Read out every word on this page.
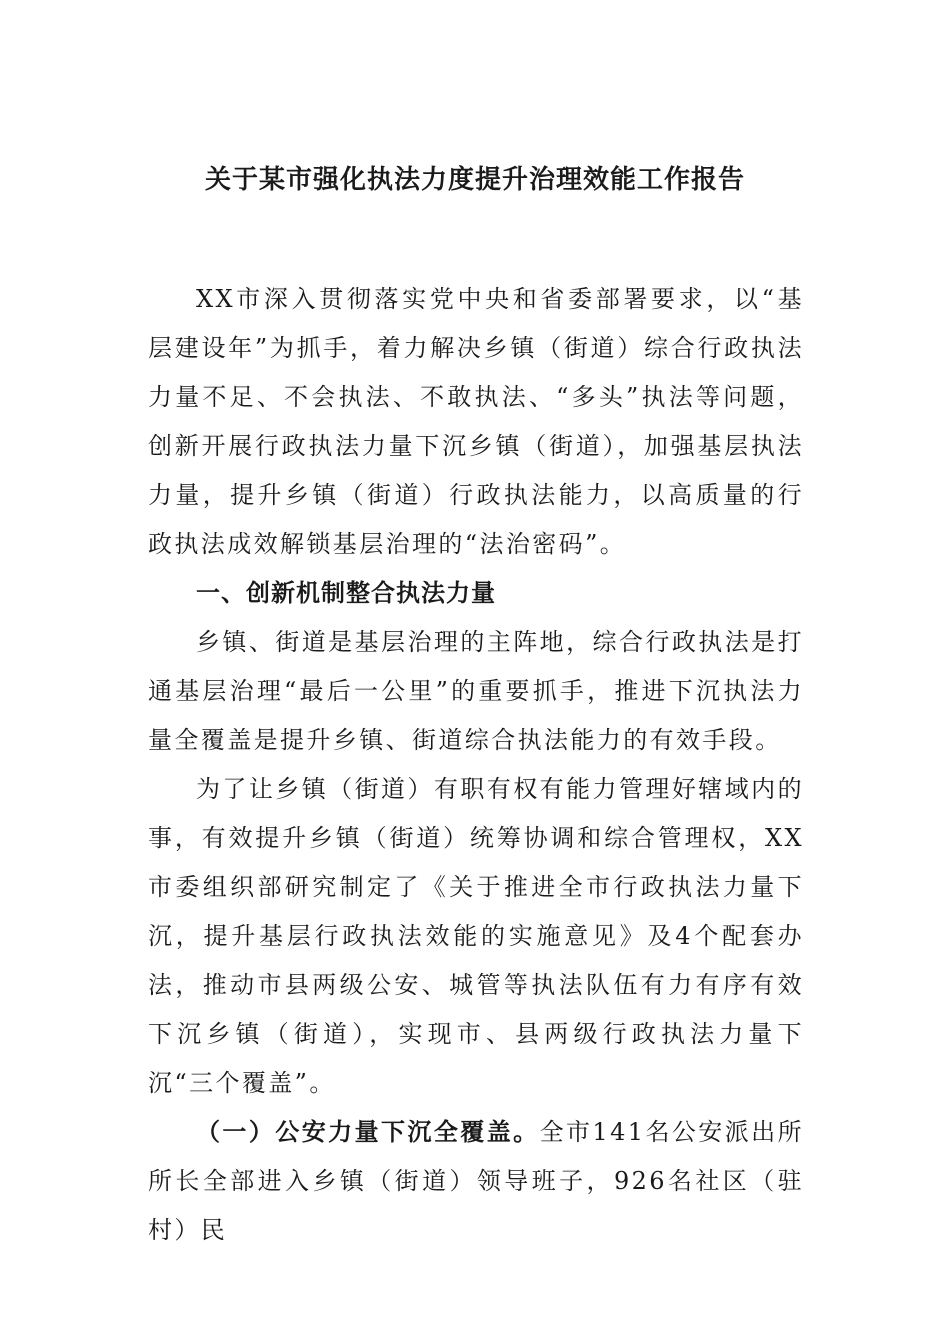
关于某市强化执法力度提升治理效能工作报告

XX市深入贯彻落实党中央和省委部署要求，以“基层建设年”为抓手，着力解决乡镇（街道）综合行政执法力量不足、不会执法、不敢执法、“多头”执法等问题，创新开展行政执法力量下沉乡镇（街道），加强基层执法力量，提升乡镇（街道）行政执法能力，以高质量的行政执法成效解锁基层治理的“法治密码”。

一、创新机制整合执法力量

乡镇、街道是基层治理的主阵地，综合行政执法是打通基层治理“最后一公里”的重要抓手，推进下沉执法力量全覆盖是提升乡镇、街道综合执法能力的有效手段。

为了让乡镇（街道）有职有权有能力管理好辖域内的事，有效提升乡镇（街道）统筹协调和综合管理权，XX市委组织部研究制定了《关于推进全市行政执法力量下沉，提升基层行政执法效能的实施意见》及4个配套办法，推动市县两级公安、城管等执法队伍有力有序有效下沉乡镇（街道），实现市、县两级行政执法力量下沉“三个覆盖”。

（一）公安力量下沉全覆盖。全市141名公安派出所所长全部进入乡镇（街道）领导班子，926名社区（驻村）民
